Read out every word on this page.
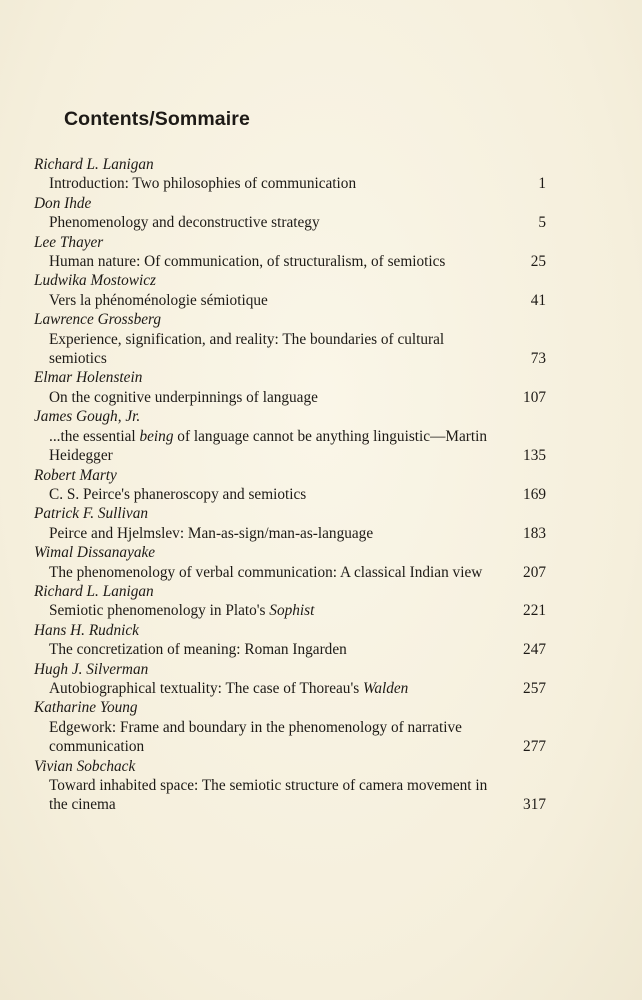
Contents/Sommaire
Richard L. Lanigan
Introduction: Two philosophies of communication	1
Don Ihde
Phenomenology and deconstructive strategy	5
Lee Thayer
Human nature: Of communication, of structuralism, of semiotics	25
Ludwika Mostowicz
Vers la phénoménologie sémiotique	41
Lawrence Grossberg
Experience, signification, and reality: The boundaries of cultural semiotics	73
Elmar Holenstein
On the cognitive underpinnings of language	107
James Gough, Jr.
...the essential being of language cannot be anything linguistic—Martin Heidegger	135
Robert Marty
C. S. Peirce's phaneroscopy and semiotics	169
Patrick F. Sullivan
Peirce and Hjelmslev: Man-as-sign/man-as-language	183
Wimal Dissanayake
The phenomenology of verbal communication: A classical Indian view	207
Richard L. Lanigan
Semiotic phenomenology in Plato's Sophist	221
Hans H. Rudnick
The concretization of meaning: Roman Ingarden	247
Hugh J. Silverman
Autobiographical textuality: The case of Thoreau's Walden	257
Katharine Young
Edgework: Frame and boundary in the phenomenology of narrative communication	277
Vivian Sobchack
Toward inhabited space: The semiotic structure of camera movement in the cinema	317
